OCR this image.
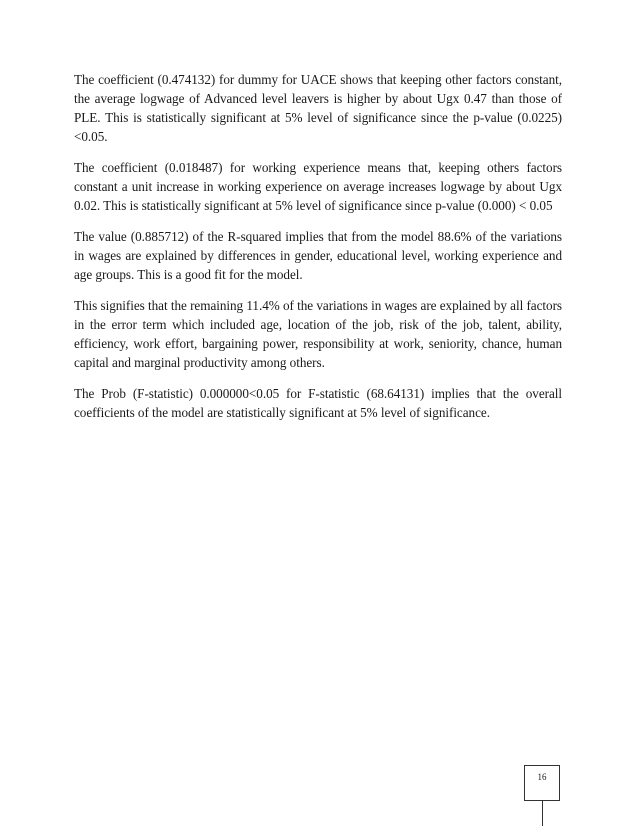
The coefficient (0.474132) for dummy for UACE shows that keeping other factors constant, the average logwage of Advanced level leavers is higher by about Ugx 0.47 than those of PLE. This is statistically significant at 5% level of significance since the p-value (0.0225) <0.05.

The coefficient (0.018487) for working experience means that, keeping others factors constant a unit increase in working experience on average increases logwage by about Ugx 0.02. This is statistically significant at 5% level of significance since p-value (0.000) < 0.05

The value (0.885712) of the R-squared implies that from the model 88.6% of the variations in wages are explained by differences in gender, educational level, working experience and age groups. This is a good fit for the model.

This signifies that the remaining 11.4% of the variations in wages are explained by all factors in the error term which included age, location of the job, risk of the job, talent, ability, efficiency, work effort, bargaining power, responsibility at work, seniority, chance, human capital and marginal productivity among others.

The Prob (F-statistic) 0.000000<0.05 for F-statistic (68.64131) implies that the overall coefficients of the model are statistically significant at 5% level of significance.

16
